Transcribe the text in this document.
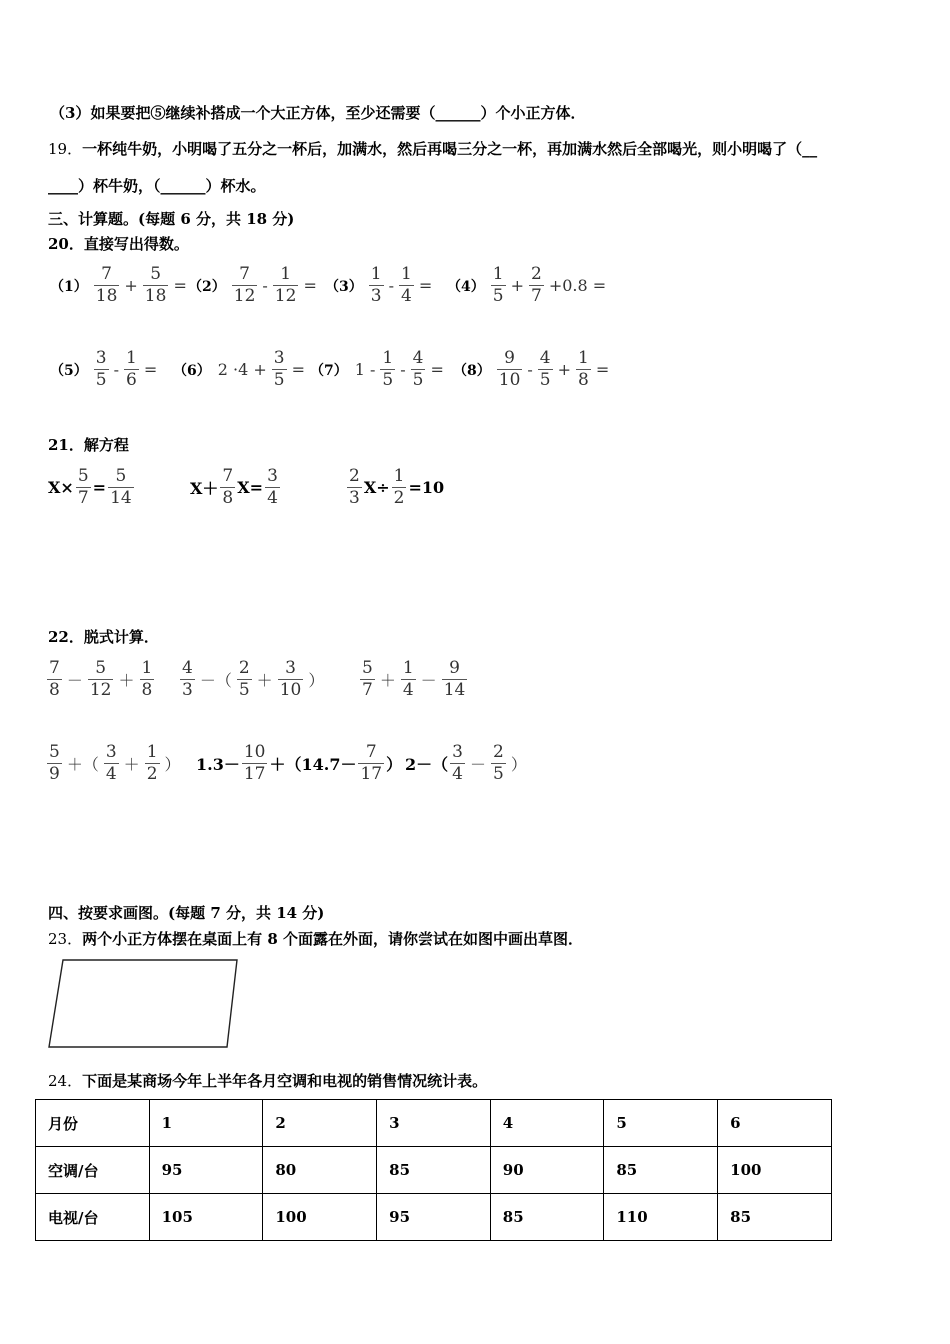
（3）如果要把⑤继续补搭成一个大正方体，至少还需要（______）个小正方体．
19．一杯纯牛奶，小明喝了五分之一杯后，加满水，然后再喝三分之一杯，再加满水然后全部喝光，则小明喝了（__
____）杯牛奶，（______）杯水。
三、计算题。(每题 6 分，共 18 分)
20．直接写出得数。
$(1) \frac{7}{18} + \frac{5}{18} = (2) \frac{7}{12} - \frac{1}{12} = (3) \frac{1}{3} - \frac{1}{4} = (4) \frac{1}{5} + \frac{2}{7} +0.8$ =
$(5) \frac{3}{5} - \frac{1}{6} = (6)$ $2 \cdot 4 + \frac{3}{5} = (7)$ $1 - \frac{1}{5} - \frac{4}{5} = (8) \frac{9}{10} - \frac{4}{5} + \frac{1}{8}$ =
21．解方程
$X\times \frac{5}{7} = \frac{5}{14}$	$X+ \frac{7}{8} X= \frac{3}{4}$	$\frac{2}{3} X\div \frac{1}{2} =10$
22．脱式计算．
$\frac{7}{8} - \frac{5}{12} + \frac{1}{8} \frac{4}{3}$ －（ $\frac{2}{5} + \frac{3}{10}$ ） $\frac{5}{7} + \frac{1}{4} - \frac{9}{14}$
$\frac{5}{9}$ ＋（ $\frac{3}{4} + \frac{1}{2}$ ） $1.3- \frac{10}{17} +(14.7- \frac{7}{17}$ ） $2-( \frac{3}{4} - \frac{2}{5}$ ）
四、按要求画图。(每题 7 分，共 14 分)
23．两个小正方体摆在桌面上有 8 个面露在外面，请你尝试在如图中画出草图．
24．下面是某商场今年上半年各月空调和电视的销售情况统计表。
月份	1	2	3	4	5	6
空调/台	95	80	85	90	85	100
电视/台	105	100	95	85	110	85
